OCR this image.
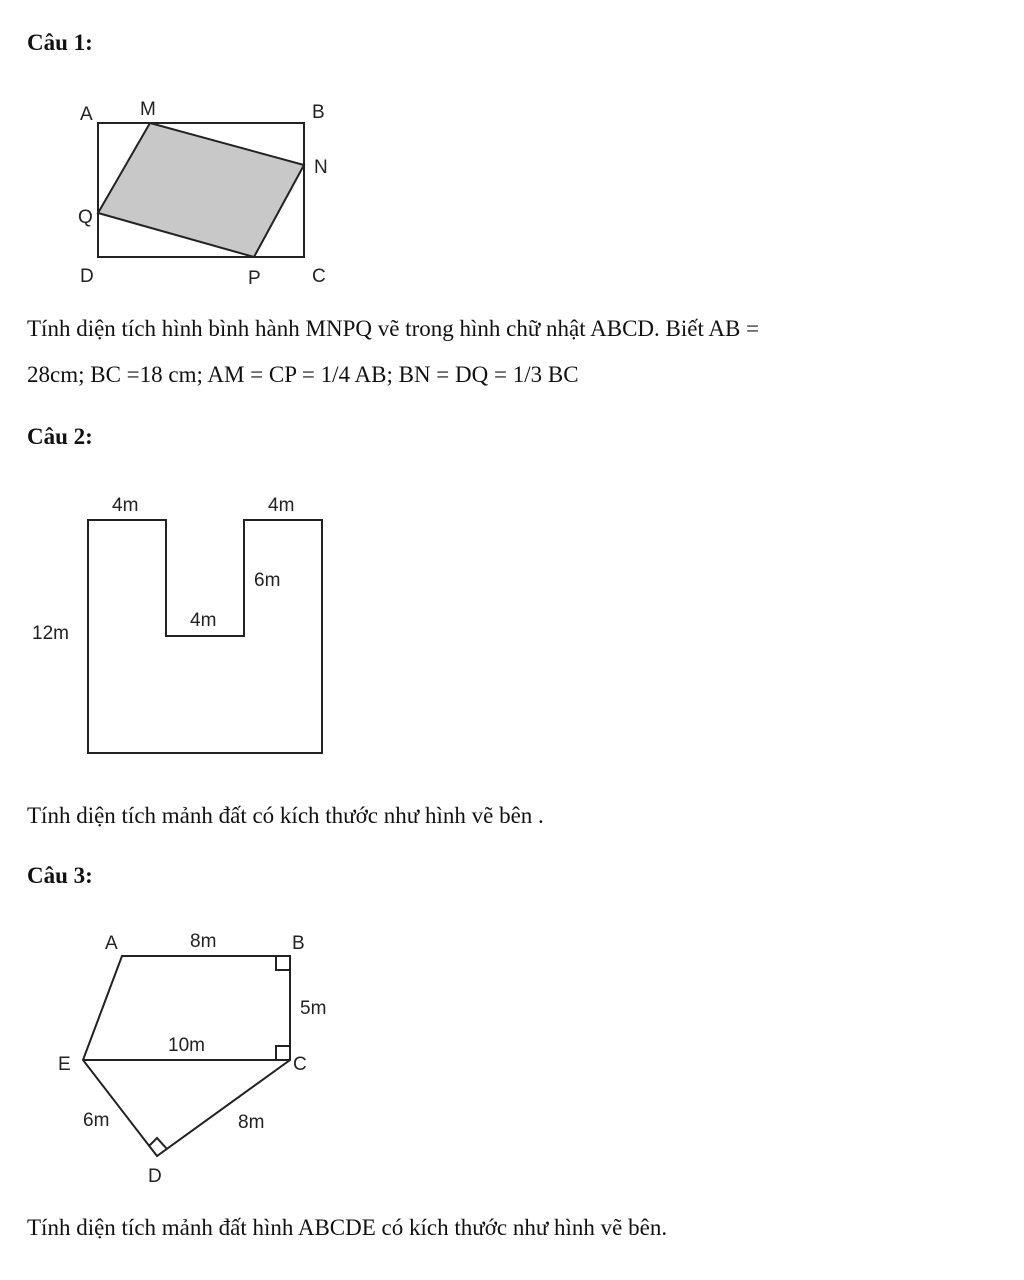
Câu 1:
A M	B
N
Q
D	P	C
Tính diện tích hình bình hành MNPQ vẽ trong hình chữ nhật ABCD. Biết AB =
28cm; BC =18 cm; AM = CP = 1/4 AB; BN = DQ = 1/3 BC
Câu 2:
4m	4m
6m
4m
12m
Tính diện tích mảnh đất có kích thước như hình vẽ bên .
Câu 3:
A	8m	B
5m
10m
E	C
6m	8m
D
Tính diện tích mảnh đất hình ABCDE có kích thước như hình vẽ bên.
